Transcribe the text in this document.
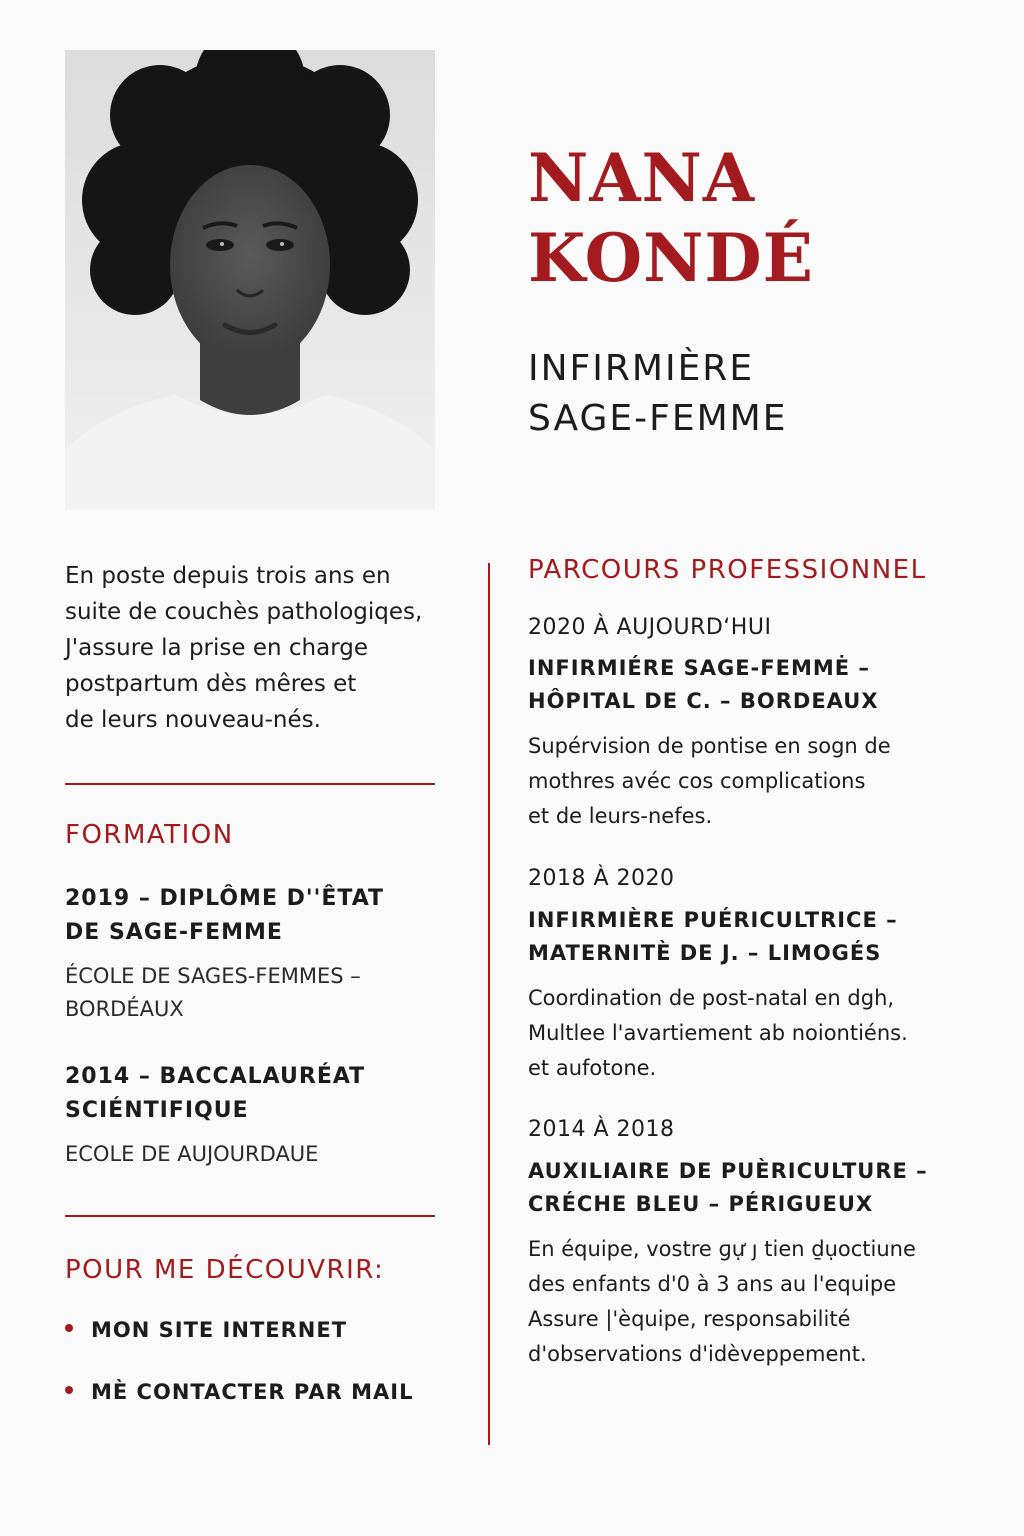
NANA
KONDÉ
INFIRMIÈRE
SAGE-FEMME
En poste depuis trois ans en
suite de couchès pathologiqes,
J'assure la prise en charge
postpartum dès mêres et
de leurs nouveau-nés.
FORMATION
2019 – DIPLÔME D''ÊTAT
DE SAGE-FEMME
ÉCOLE DE SAGES-FEMMES –
BORDÉAUX
2014 – BACCALAURÉAT
SCIÉNTIFIQUE
ECOLE DE AUJOURDAUE
POUR ME DÉCOUVRIR:
MON SITE INTERNET
MÈ CONTACTER PAR MAIL
PARCOURS PROFESSIONNEL
2020 À AUJOURD‘HUI
INFIRMIÉRE SAGE-FEMMĖ –
HÔPITAL DE C. – BORDEAUX
Supérvision de pontise en sogn de
mothres avéc cos complications
et de leurs-nefes.
2018 À 2020
INFIRMIÈRE PUÉRICULTRICE –
MATERNITÈ DE J. – LIMOGÉS
Coordination de post-natal en dgh,
Multlee l'avartiement ab noiontiéns.
et aufotone.
2014 À 2018
AUXILIAIRE DE PUÈRICULTURE –
CRÉCHE BLEU – PÉRIGUEUX
En équipe, vostre ɡự ȷ tien ḏụoctiune
des enfants d'0 à 3 ans au l'equipe
Assure |'èquipe, responsabilité
d'observations d'idèveppement.
